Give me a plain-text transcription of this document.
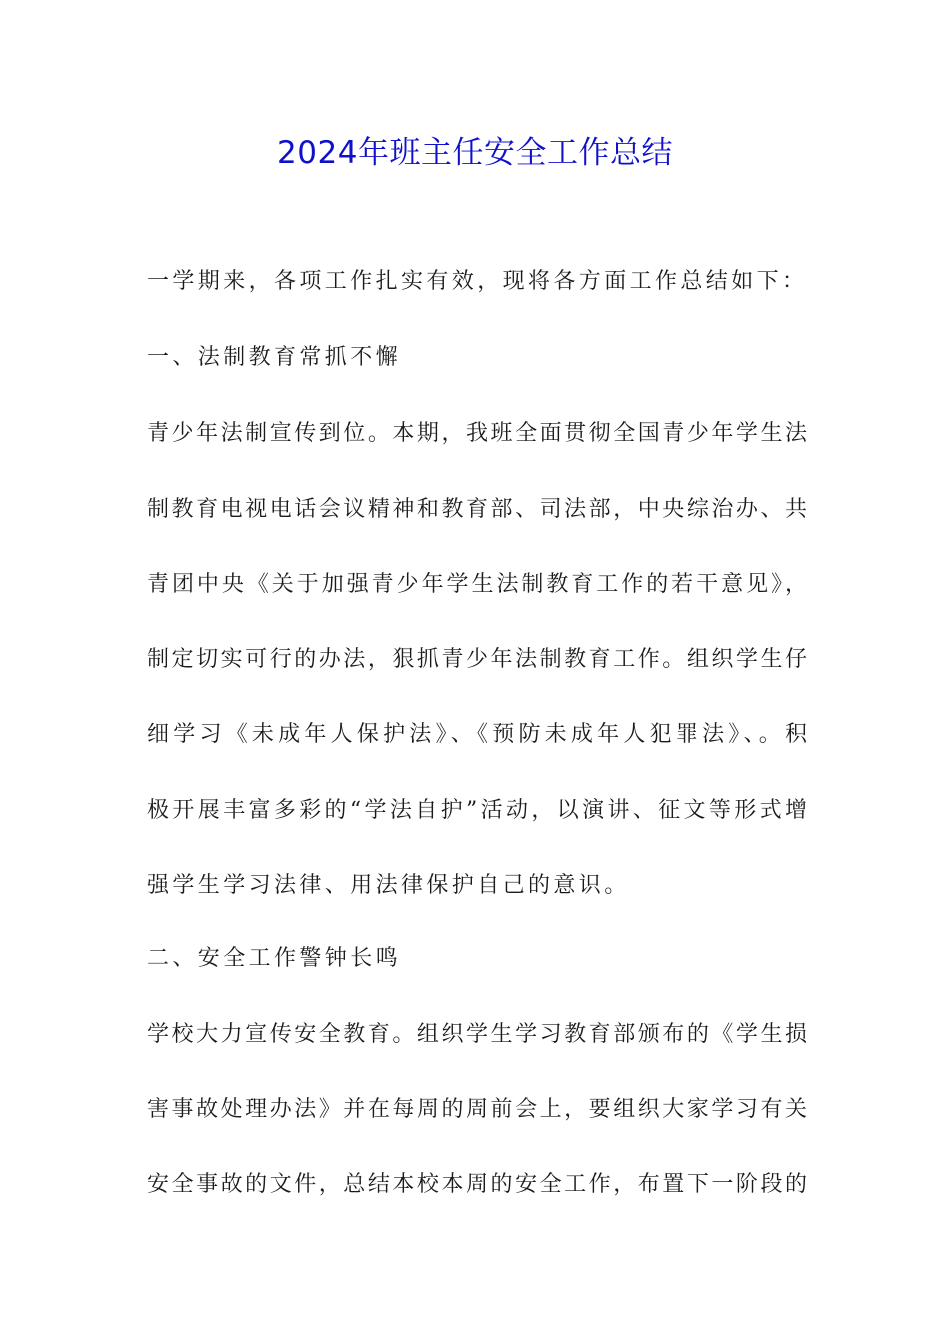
2024年班主任安全工作总结
一学期来，各项工作扎实有效，现将各方面工作总结如下：
一、法制教育常抓不懈
青少年法制宣传到位。本期，我班全面贯彻全国青少年学生法
制教育电视电话会议精神和教育部、司法部，中央综治办、共
青团中央《关于加强青少年学生法制教育工作的若干意见》，
制定切实可行的办法，狠抓青少年法制教育工作。组织学生仔
细学习《未成年人保护法》、《预防未成年人犯罪法》、。积
极开展丰富多彩的“学法自护”活动，以演讲、征文等形式增
强学生学习法律、用法律保护自己的意识。
二、安全工作警钟长鸣
学校大力宣传安全教育。组织学生学习教育部颁布的《学生损
害事故处理办法》并在每周的周前会上，要组织大家学习有关
安全事故的文件，总结本校本周的安全工作，布置下一阶段的
